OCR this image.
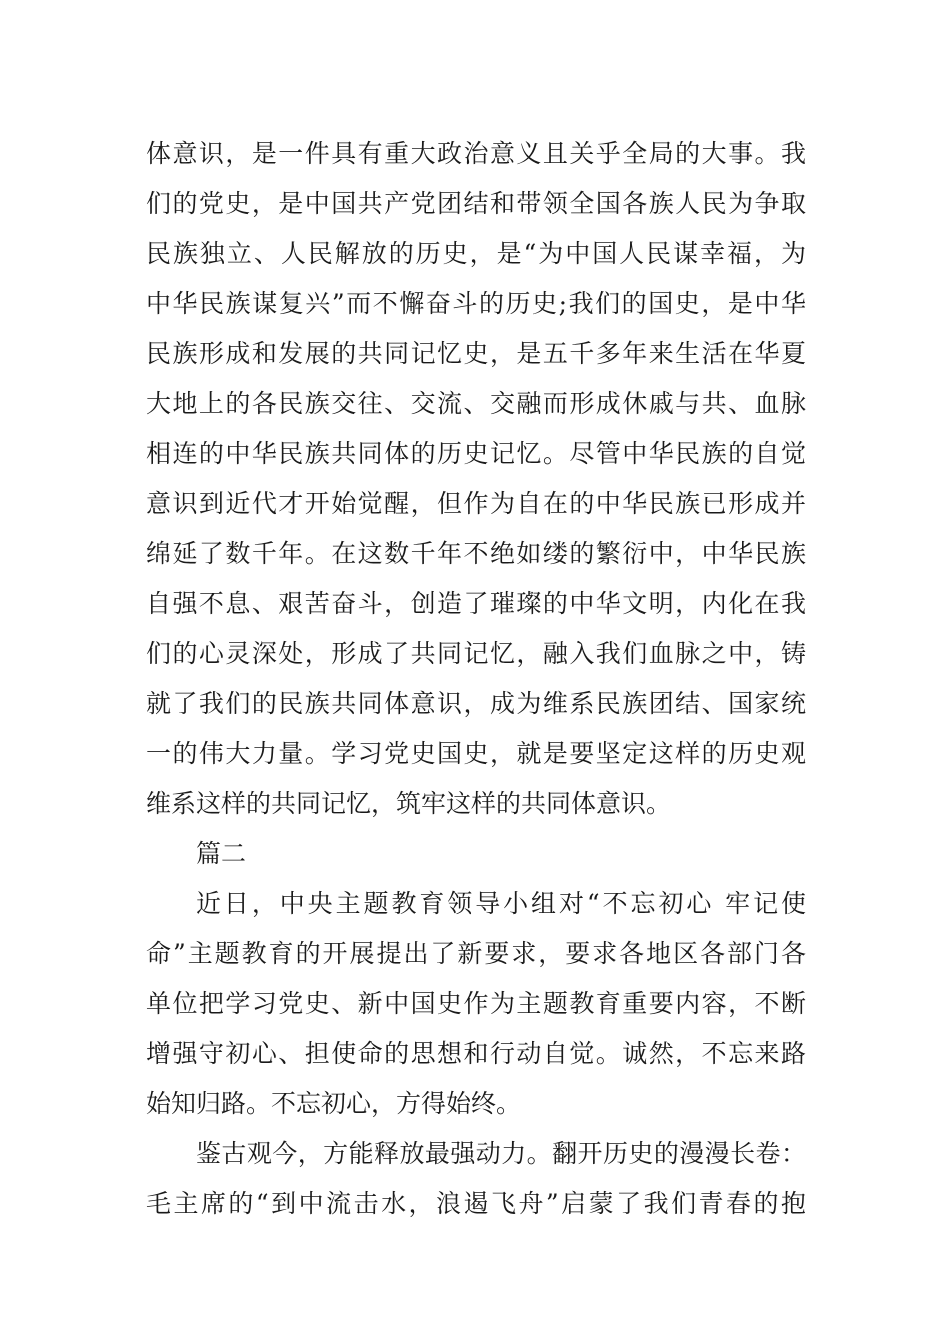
体意识，是一件具有重大政治意义且关乎全局的大事。我
们的党史，是中国共产党团结和带领全国各族人民为争取
民族独立、人民解放的历史，是“为中国人民谋幸福，为
中华民族谋复兴”而不懈奋斗的历史;我们的国史，是中华
民族形成和发展的共同记忆史，是五千多年来生活在华夏
大地上的各民族交往、交流、交融而形成休戚与共、血脉
相连的中华民族共同体的历史记忆。尽管中华民族的自觉
意识到近代才开始觉醒，但作为自在的中华民族已形成并
绵延了数千年。在这数千年不绝如缕的繁衍中，中华民族
自强不息、艰苦奋斗，创造了璀璨的中华文明，内化在我
们的心灵深处，形成了共同记忆，融入我们血脉之中，铸
就了我们的民族共同体意识，成为维系民族团结、国家统
一的伟大力量。学习党史国史，就是要坚定这样的历史观
维系这样的共同记忆，筑牢这样的共同体意识。
篇二
近日，中央主题教育领导小组对“不忘初心 牢记使
命”主题教育的开展提出了新要求，要求各地区各部门各
单位把学习党史、新中国史作为主题教育重要内容，不断
增强守初心、担使命的思想和行动自觉。诚然，不忘来路
始知归路。不忘初心，方得始终。
鉴古观今，方能释放最强动力。翻开历史的漫漫长卷：
毛主席的“到中流击水，浪遏飞舟”启蒙了我们青春的抱
